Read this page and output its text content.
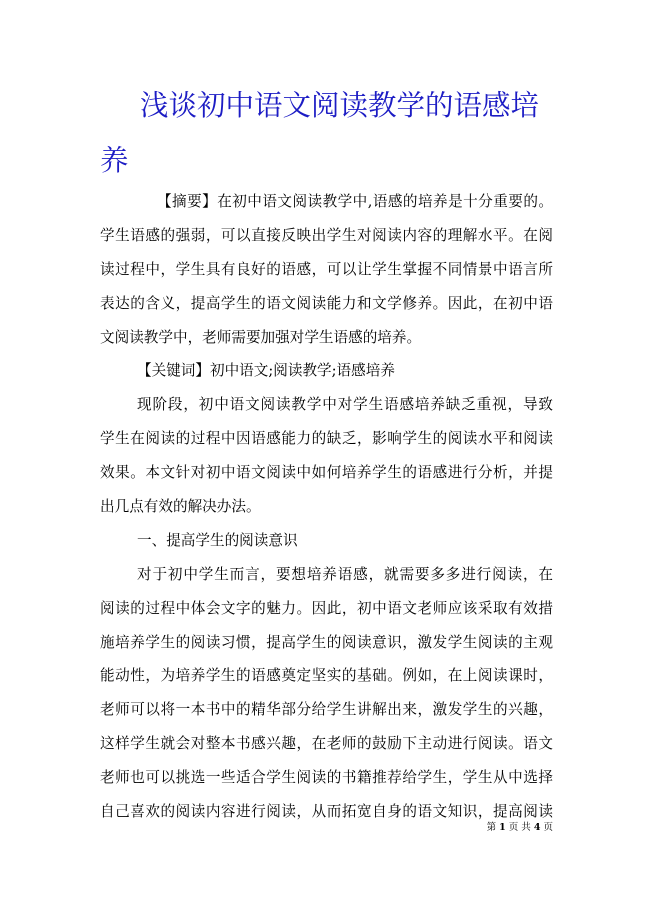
浅谈初中语文阅读教学的语感培养
【摘要】在初中语文阅读教学中,语感的培养是十分重要的。
学生语感的强弱，可以直接反映出学生对阅读内容的理解水平。在阅
读过程中，学生具有良好的语感，可以让学生掌握不同情景中语言所
表达的含义，提高学生的语文阅读能力和文学修养。因此，在初中语
文阅读教学中，老师需要加强对学生语感的培养。
【关键词】初中语文;阅读教学;语感培养
现阶段，初中语文阅读教学中对学生语感培养缺乏重视，导致
学生在阅读的过程中因语感能力的缺乏，影响学生的阅读水平和阅读
效果。本文针对初中语文阅读中如何培养学生的语感进行分析，并提
出几点有效的解决办法。
一、提高学生的阅读意识
对于初中学生而言，要想培养语感，就需要多多进行阅读，在
阅读的过程中体会文字的魅力。因此，初中语文老师应该采取有效措
施培养学生的阅读习惯，提高学生的阅读意识，激发学生阅读的主观
能动性，为培养学生的语感奠定坚实的基础。例如，在上阅读课时，
老师可以将一本书中的精华部分给学生讲解出来，激发学生的兴趣，
这样学生就会对整本书感兴趣，在老师的鼓励下主动进行阅读。语文
老师也可以挑选一些适合学生阅读的书籍推荐给学生，学生从中选择
自己喜欢的阅读内容进行阅读，从而拓宽自身的语文知识，提高阅读
第 1 页 共 4 页
